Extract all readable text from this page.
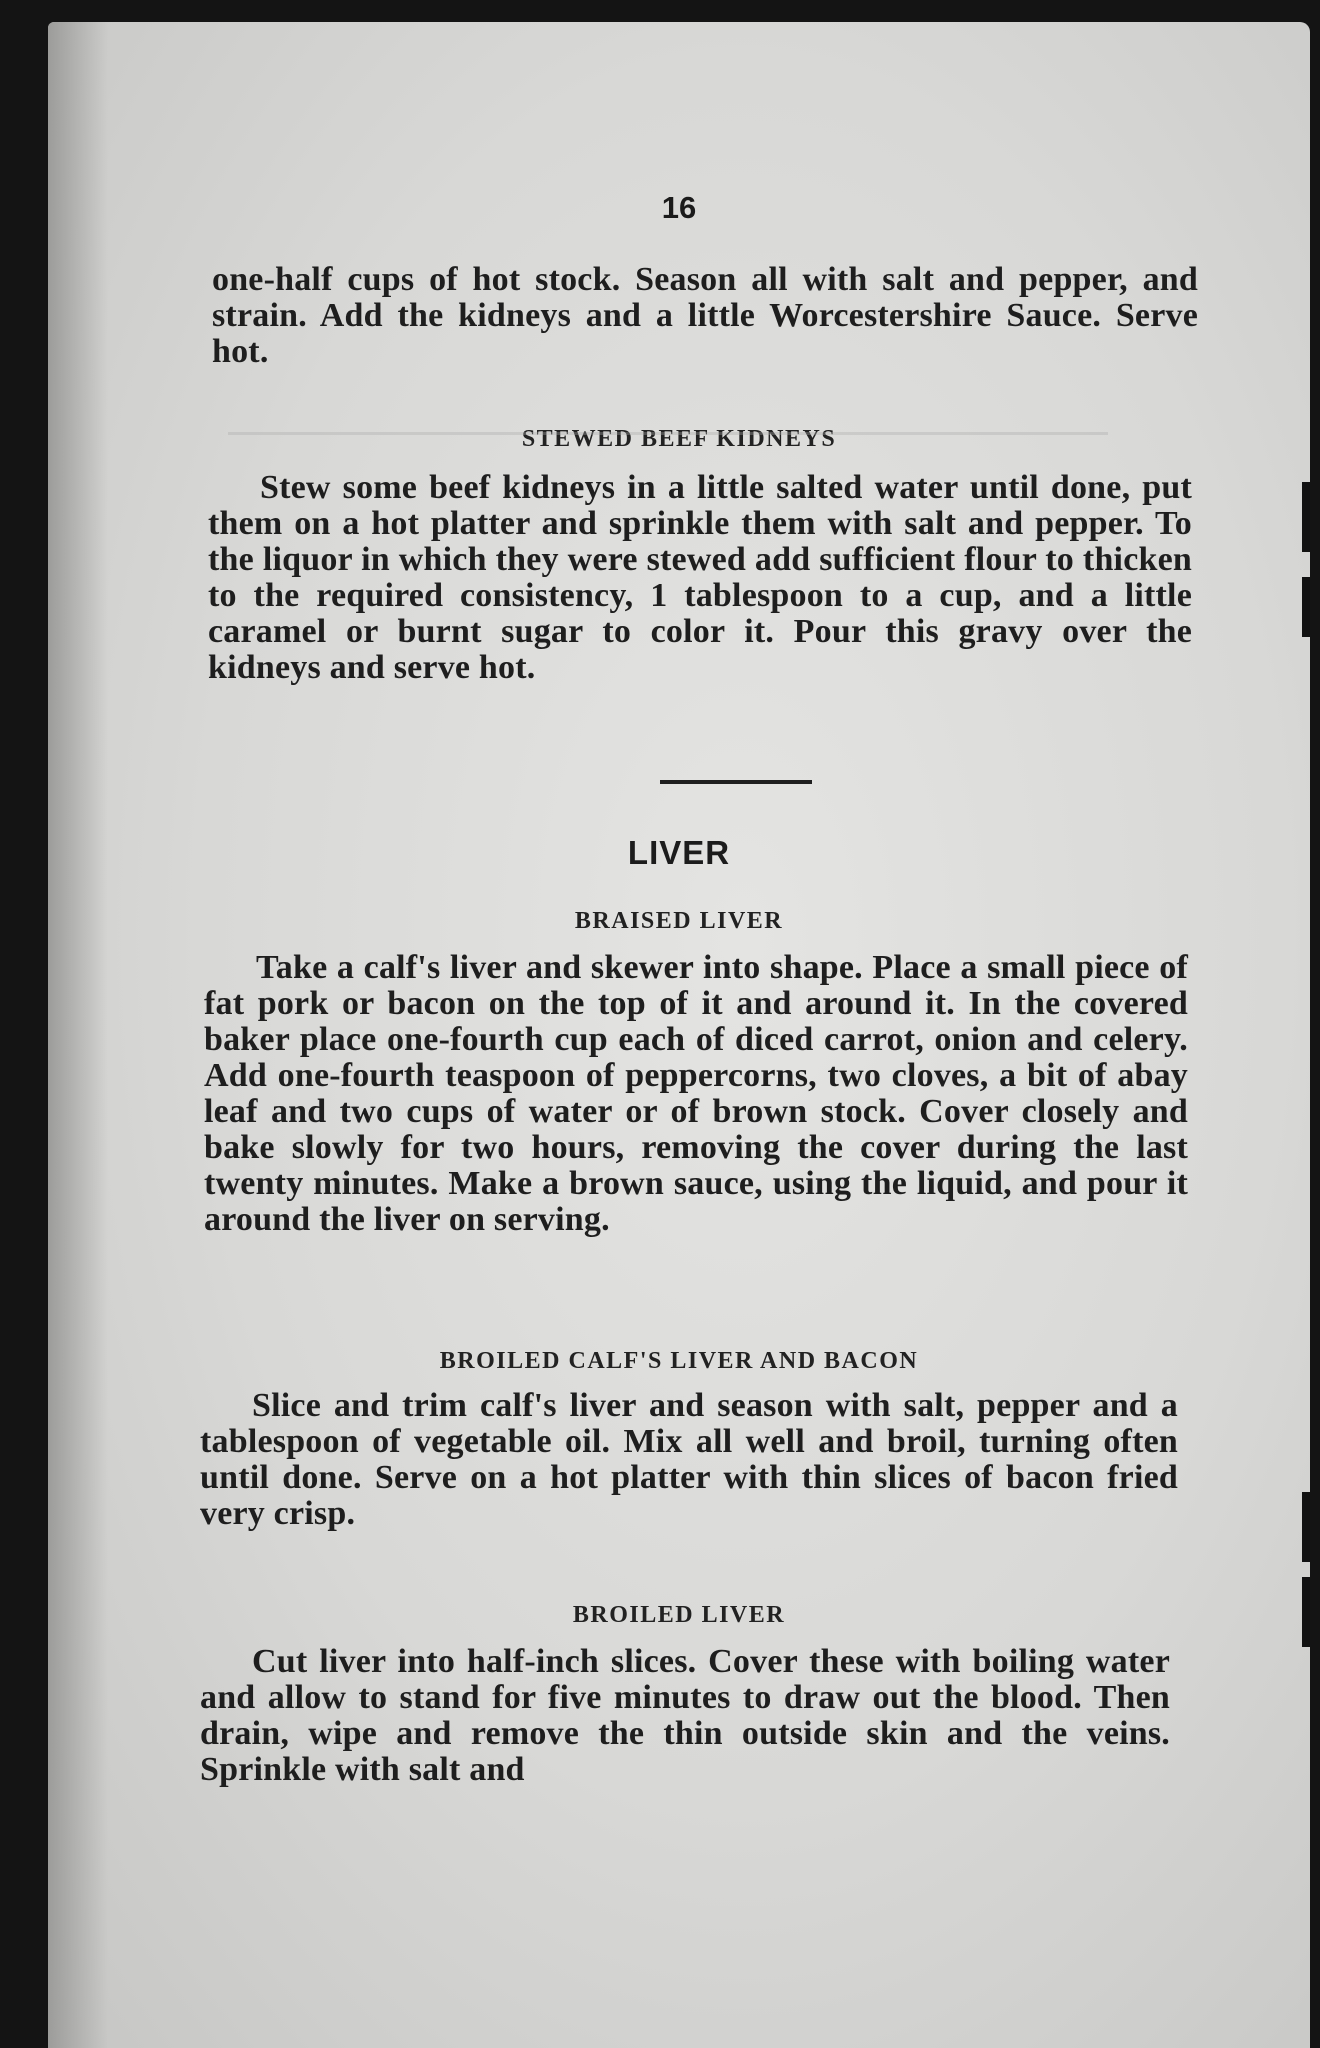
16
one-half cups of hot stock. Season all with salt and pepper, and strain. Add the kidneys and a little Worcestershire Sauce. Serve hot.
STEWED BEEF KIDNEYS
Stew some beef kidneys in a little salted water until done, put them on a hot platter and sprinkle them with salt and pepper. To the liquor in which they were stewed add sufficient flour to thicken to the required consistency, 1 tablespoon to a cup, and a little caramel or burnt sugar to color it. Pour this gravy over the kidneys and serve hot.
LIVER
BRAISED LIVER
Take a calf's liver and skewer into shape. Place a small piece of fat pork or bacon on the top of it and around it. In the covered baker place one-fourth cup each of diced carrot, onion and celery. Add one-fourth teaspoon of peppercorns, two cloves, a bit of abay leaf and two cups of water or of brown stock. Cover closely and bake slowly for two hours, removing the cover during the last twenty minutes. Make a brown sauce, using the liquid, and pour it around the liver on serving.
BROILED CALF'S LIVER AND BACON
Slice and trim calf's liver and season with salt, pepper and a tablespoon of vegetable oil. Mix all well and broil, turning often until done. Serve on a hot platter with thin slices of bacon fried very crisp.
BROILED LIVER
Cut liver into half-inch slices. Cover these with boiling water and allow to stand for five minutes to draw out the blood. Then drain, wipe and remove the thin outside skin and the veins. Sprinkle with salt and
